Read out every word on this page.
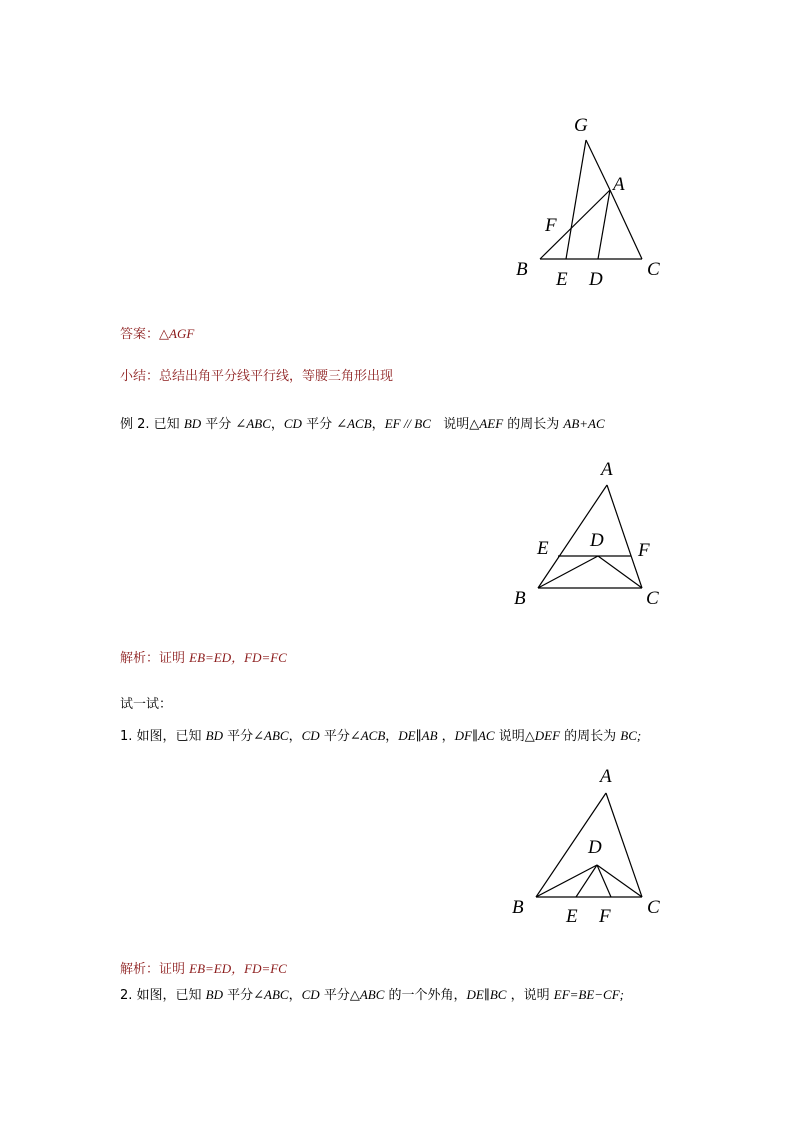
G
A
F
B E D C
答案：△AGF
小结：总结出角平分线平行线，等腰三角形出现
例 2. 已知 BD 平分 ∠ABC，CD 平分 ∠ACB，EF // BC   说明△AEF 的周长为 AB+AC
A
E D F
B	C
解析：证明 EB=ED，FD=FC
试一试：
1. 如图，已知 BD 平分∠ABC，CD 平分∠ACB，DE∥AB ，DF∥AC 说明△DEF 的周长为 BC;
A
D
B E F C
解析：证明 EB=ED，FD=FC
2. 如图，已知 BD 平分∠ABC，CD 平分△ABC 的一个外角，DE∥BC ，说明 EF=BE−CF;
